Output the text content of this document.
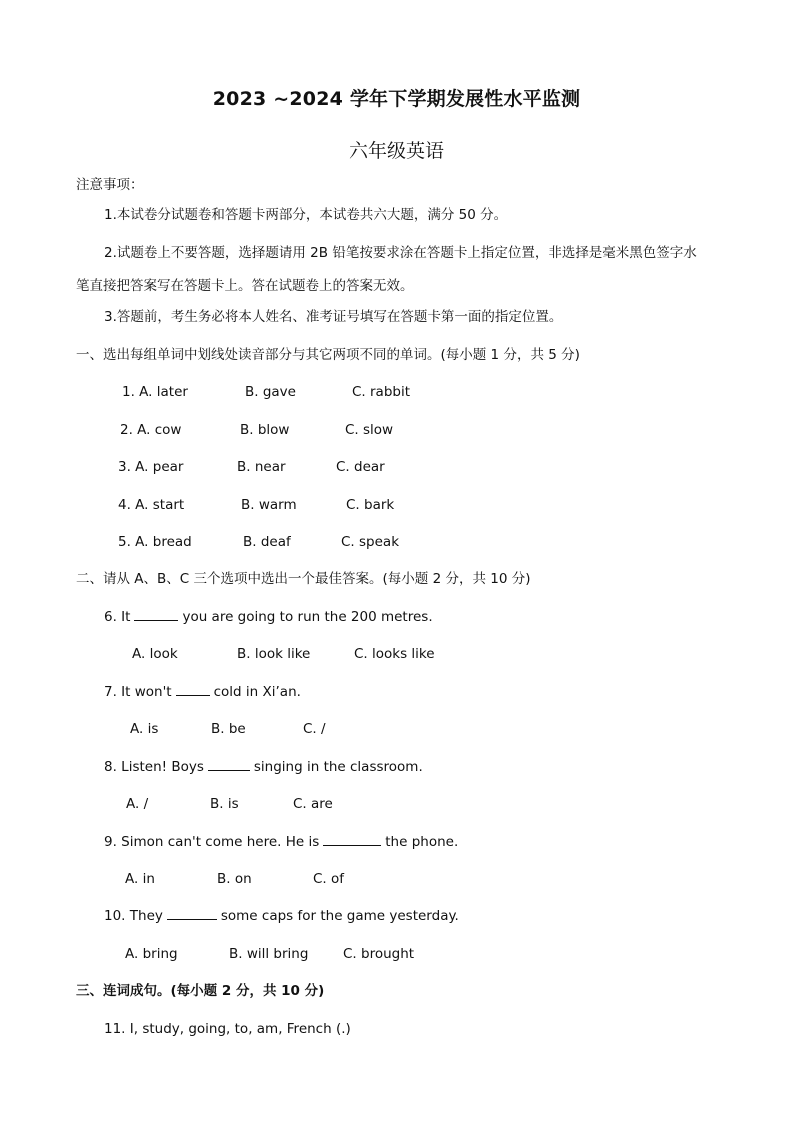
2023 ~2024 学年下学期发展性水平监测
六年级英语
注意事项：
1.本试卷分试题卷和答题卡两部分，本试卷共六大题，满分 50 分。
2.试题卷上不要答题，选择题请用 2B 铅笔按要求涂在答题卡上指定位置，非选择是毫米黑色签字水
笔直接把答案写在答题卡上。答在试题卷上的答案无效。
3.答题前，考生务必将本人姓名、准考证号填写在答题卡第一面的指定位置。
一、选出每组单词中划线处读音部分与其它两项不同的单词。(每小题 1 分，共 5 分)
1. A. later	B. gave	C. rabbit
2. A. cow	B. blow	C. slow
3. A. pear	B. near	C. dear
4. A. start	B. warm	C. bark
5. A. bread	B. deaf	C. speak
二、请从 A、B、C 三个选项中选出一个最佳答案。(每小题 2 分，共 10 分)
6. It	you are going to run the 200 metres.
A. look	B. look like	C. looks like
7. It won't	cold in Xi’an.
A. is	B. be	C. /
8. Listen! Boys	singing in the classroom.
A. /	B. is	C. are
9. Simon can't come here. He is	the phone.
A. in	B. on	C. of
10. They	some caps for the game yesterday.
A. bring	B. will bring	C. brought
三、连词成句。(每小题 2 分，共 10 分)
11. I, study, going, to, am, French (.)
